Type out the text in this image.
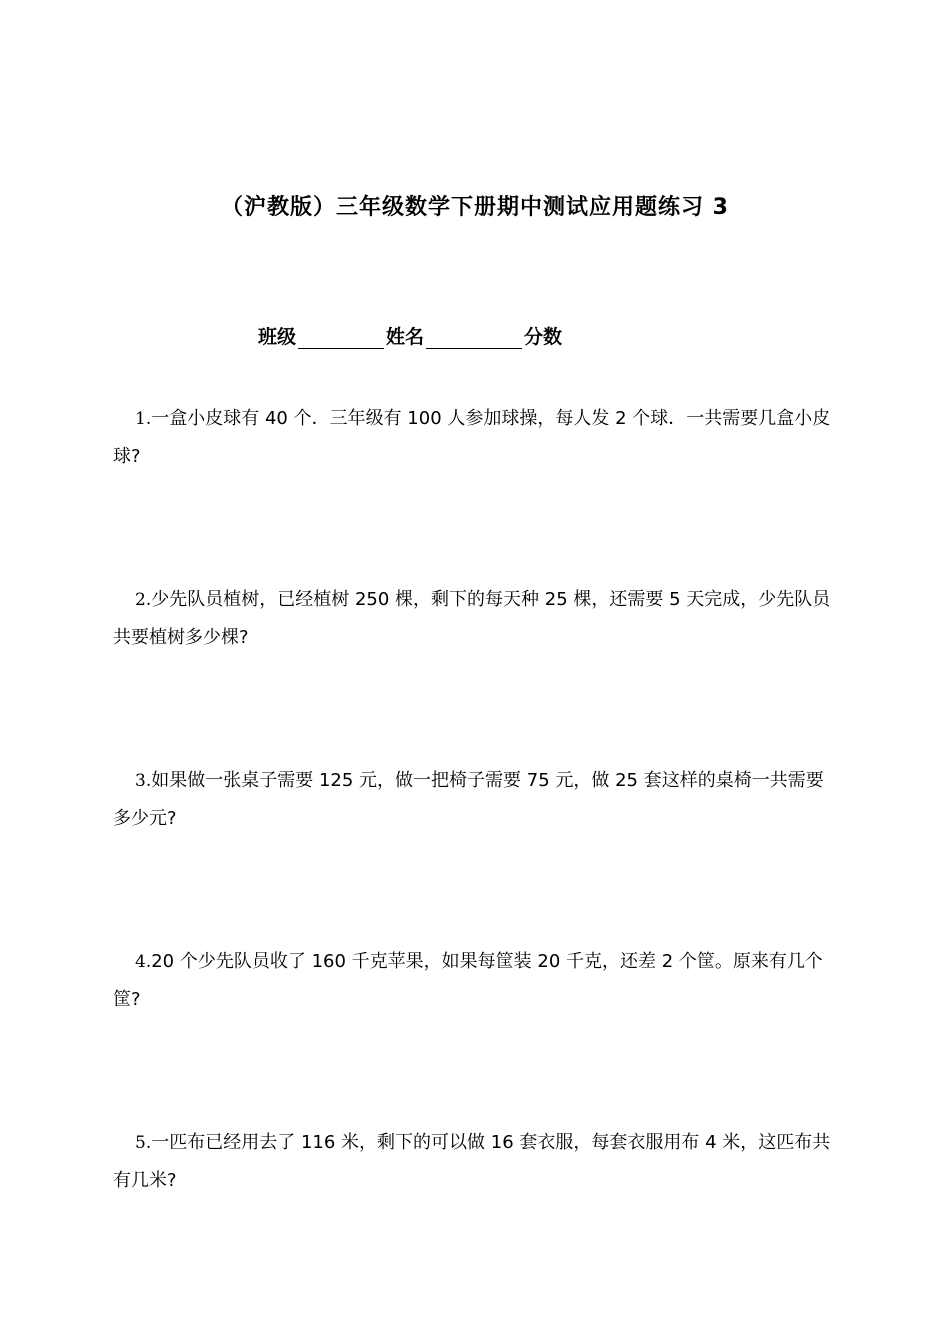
（沪教版）三年级数学下册期中测试应用题练习 3
班级	姓名	分数
1.一盒小皮球有 40 个．三年级有 100 人参加球操，每人发 2 个球．一共需要几盒小皮球?
2.少先队员植树，已经植树 250 棵，剩下的每天种 25 棵，还需要 5 天完成，少先队员共要植树多少棵?
3.如果做一张桌子需要 125 元，做一把椅子需要 75 元，做 25 套这样的桌椅一共需要多少元?
4.20 个少先队员收了 160 千克苹果，如果每筐装 20 千克，还差 2 个筐。原来有几个筐?
5.一匹布已经用去了 116 米，剩下的可以做 16 套衣服，每套衣服用布 4 米，这匹布共有几米?
